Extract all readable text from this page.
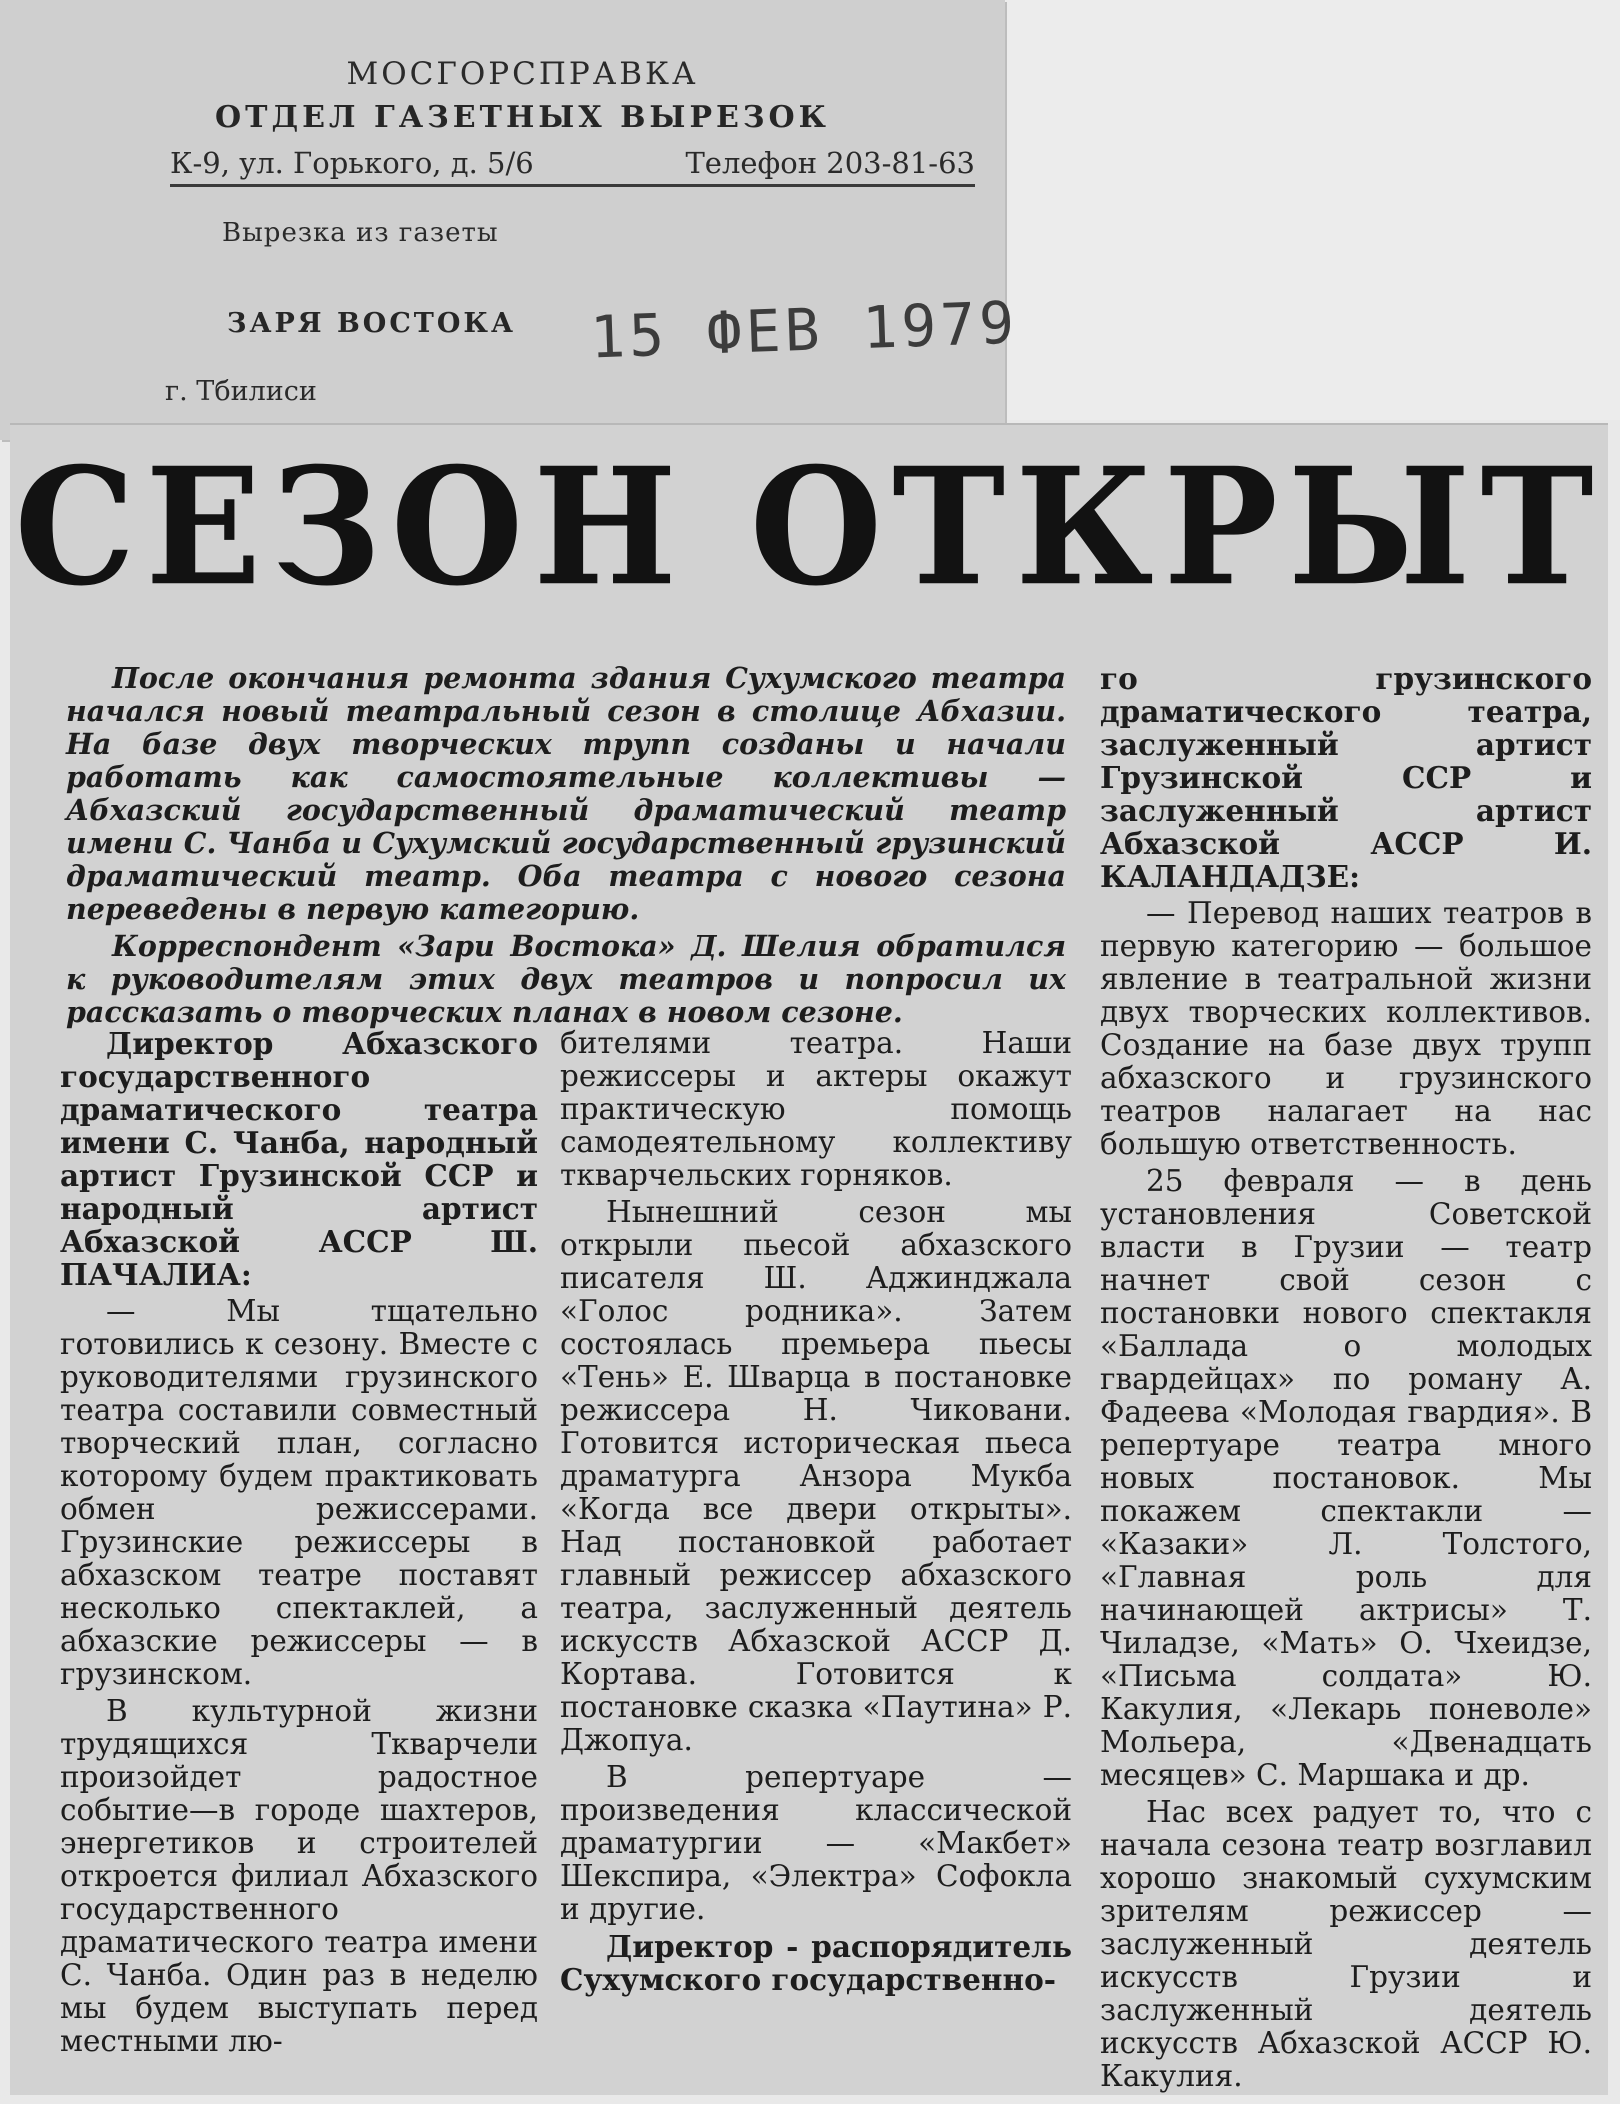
МОСГОРСПРАВКА
ОТДЕЛ ГАЗЕТНЫХ ВЫРЕЗОК
К-9, ул. Горького, д. 5/6	Телефон 203-81-63
Вырезка из газеты
ЗАРЯ ВОСТОКА 15 ФЕВ 1979
г. Тбилиси
СЕЗОН ОТКРЫТ

После окончания ремонта здания Сухумского театра начался новый театральный сезон в столице Абхазии. На базе двух творческих трупп созданы и начали работать как самостоятельные коллективы — Абхазский государственный драматический театр имени С. Чанба и Сухумский государственный грузинский драматический театр. Оба театра с нового сезона переведены в первую категорию.

Корреспондент «Зари Востока» Д. Шелия обратился к руководителям этих двух театров и попросил их рассказать о творческих планах в новом сезоне.

Директор Абхазского государственного драматического театра имени С. Чанба, народный артист Грузинской ССР и народный артист Абхазской АССР Ш. ПАЧАЛИА:

— Мы тщательно готовились к сезону. Вместе с руководителями грузинского театра составили совместный творческий план, согласно которому будем практиковать обмен режиссерами. Грузинские режиссеры в абхазском театре поставят несколько спектаклей, а абхазские режиссеры — в грузинском.

В культурной жизни трудящихся Ткварчели произойдет радостное событие—в городе шахтеров, энергетиков и строителей откроется филиал Абхазского государственного драматического театра имени С. Чанба. Один раз в неделю мы будем выступать перед местными лю-

бителями театра. Наши режиссеры и актеры окажут практическую помощь самодеятельному коллективу ткварчельских горняков.

Нынешний сезон мы открыли пьесой абхазского писателя Ш. Аджинджала «Голос родника». Затем состоялась премьера пьесы «Тень» Е. Шварца в постановке режиссера Н. Чиковани. Готовится историческая пьеса драматурга Анзора Мукба «Когда все двери открыты». Над постановкой работает главный режиссер абхазского театра, заслуженный деятель искусств Абхазской АССР Д. Кортава. Готовится к постановке сказка «Паутина» Р. Джопуа.

В репертуаре — произведения классической драматургии — «Макбет» Шекспира, «Электра» Софокла и другие.

Директор - распорядитель Сухумского государственно-

го грузинского драматического театра, заслуженный артист Грузинской ССР и заслуженный артист Абхазской АССР И. КАЛАНДАДЗЕ:

— Перевод наших театров в первую категорию — большое явление в театральной жизни двух творческих коллективов. Создание на базе двух трупп абхазского и грузинского театров налагает на нас большую ответственность.

25 февраля — в день установления Советской власти в Грузии — театр начнет свой сезон с постановки нового спектакля «Баллада о молодых гвардейцах» по роману А. Фадеева «Молодая гвардия». В репертуаре театра много новых постановок. Мы покажем спектакли — «Казаки» Л. Толстого, «Главная роль для начинающей актрисы» Т. Чиладзе, «Мать» О. Чхеидзе, «Письма солдата» Ю. Какулия, «Лекарь поневоле» Мольера, «Двенадцать месяцев» С. Маршака и др.

Нас всех радует то, что с начала сезона театр возглавил хорошо знакомый сухумским зрителям режиссер — заслуженный деятель искусств Грузии и заслуженный деятель искусств Абхазской АССР Ю. Какулия.
